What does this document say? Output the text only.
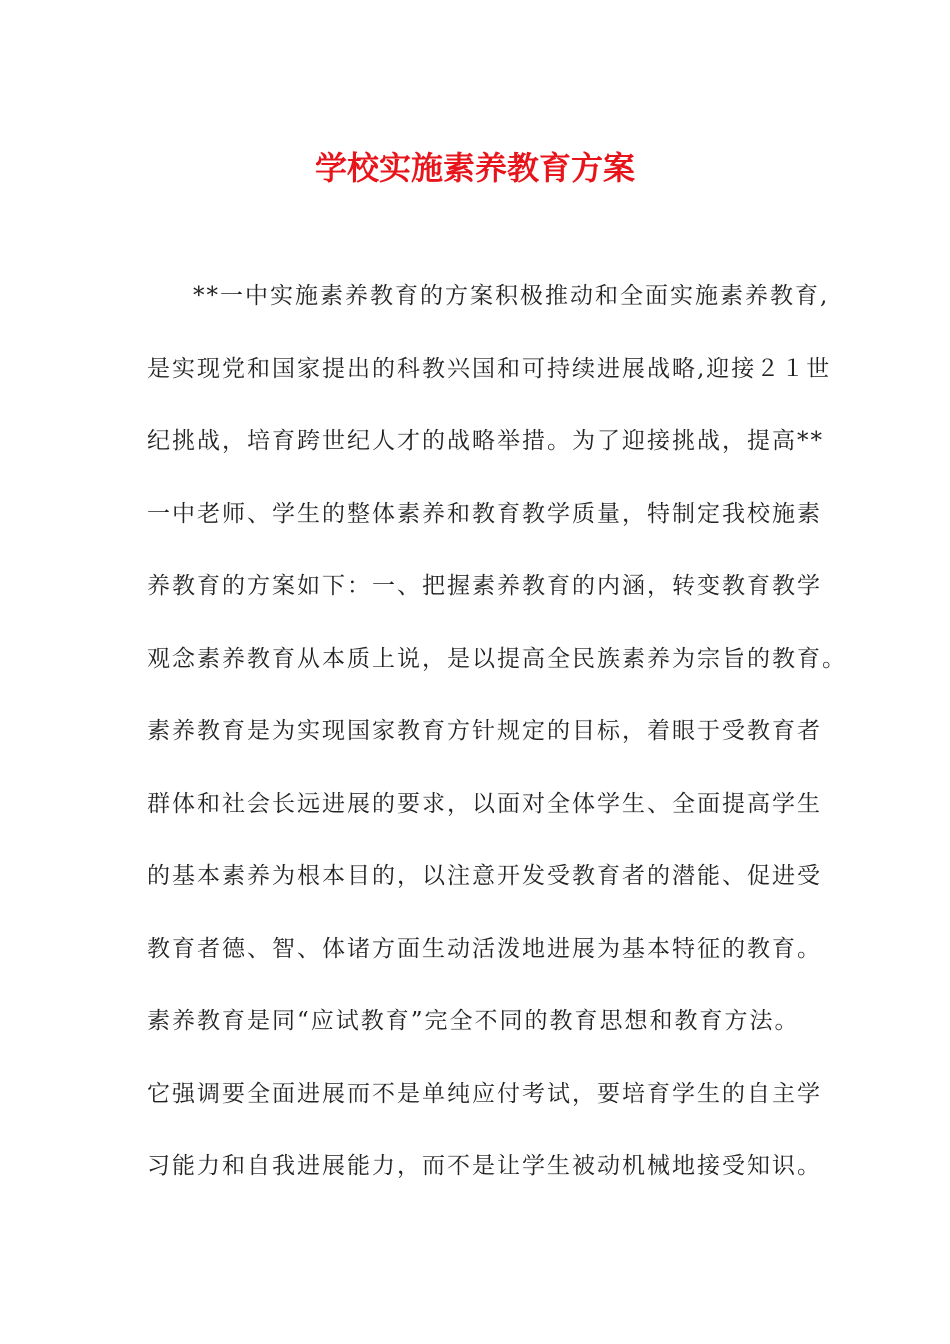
学校实施素养教育方案
**一中实施素养教育的方案积极推动和全面实施素养教育,
是实现党和国家提出的科教兴国和可持续进展战略,迎接２１世
纪挑战，培育跨世纪人才的战略举措。为了迎接挑战，提高**
一中老师、学生的整体素养和教育教学质量，特制定我校施素
养教育的方案如下：一、把握素养教育的内涵，转变教育教学
观念素养教育从本质上说，是以提高全民族素养为宗旨的教育。
素养教育是为实现国家教育方针规定的目标，着眼于受教育者
群体和社会长远进展的要求，以面对全体学生、全面提高学生
的基本素养为根本目的，以注意开发受教育者的潜能、促进受
教育者德、智、体诸方面生动活泼地进展为基本特征的教育。
素养教育是同“应试教育”完全不同的教育思想和教育方法。
它强调要全面进展而不是单纯应付考试，要培育学生的自主学
习能力和自我进展能力，而不是让学生被动机械地接受知识。
